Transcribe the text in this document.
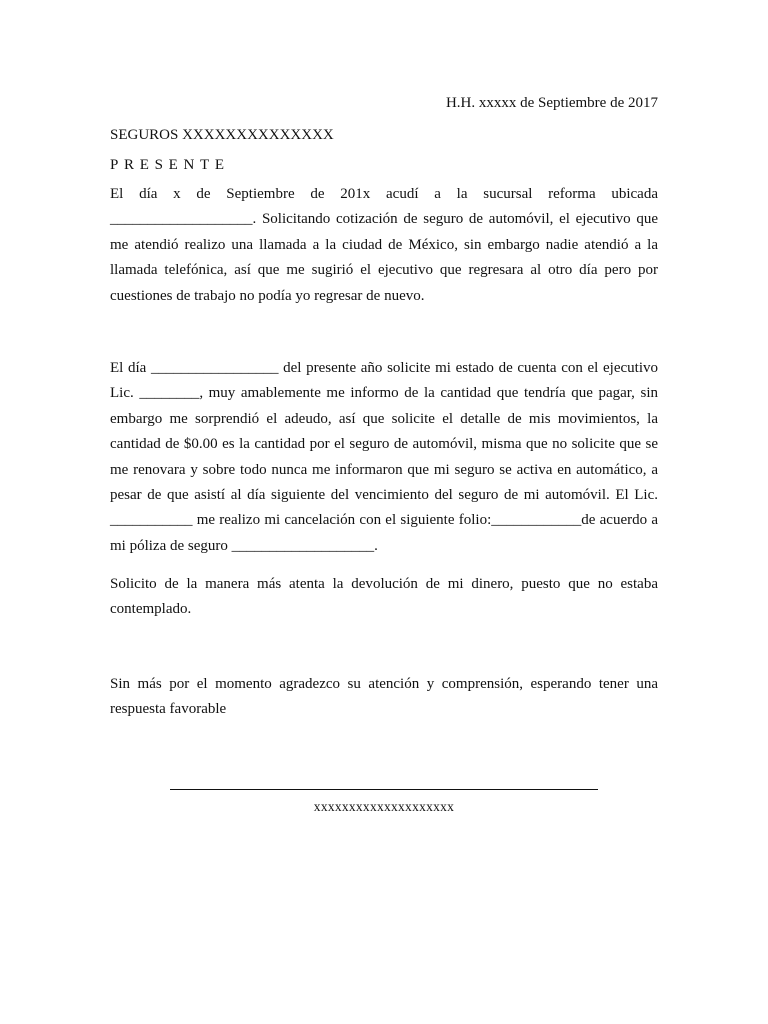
H.H. xxxxx de Septiembre de 2017

SEGUROS XXXXXXXXXXXXXX

PRESENTE

El día x de Septiembre de 201x acudí a la sucursal reforma ubicada ___________________. Solicitando cotización de seguro de automóvil, el ejecutivo que me atendió realizo una llamada a la ciudad de México, sin embargo nadie atendió a la llamada telefónica, así que me sugirió el ejecutivo que regresara al otro día pero por cuestiones de trabajo no podía yo regresar de nuevo.

El día _________________ del presente año solicite mi estado de cuenta con el ejecutivo Lic. ________, muy amablemente me informo de la cantidad que tendría que pagar, sin embargo me sorprendió el adeudo, así que solicite el detalle de mis movimientos, la cantidad de $0.00 es la cantidad por el seguro de automóvil, misma que no solicite que se me renovara y sobre todo nunca me informaron que mi seguro se activa en automático, a pesar de que asistí al día siguiente del vencimiento del seguro de mi automóvil. El Lic. ___________ me realizo mi cancelación con el siguiente folio:____________de acuerdo a mi póliza de seguro ___________________.

Solicito de la manera más atenta la devolución de mi dinero, puesto que no estaba contemplado.

Sin más por el momento agradezco su atención y comprensión, esperando tener una respuesta favorable

xxxxxxxxxxxxxxxxxxxx
